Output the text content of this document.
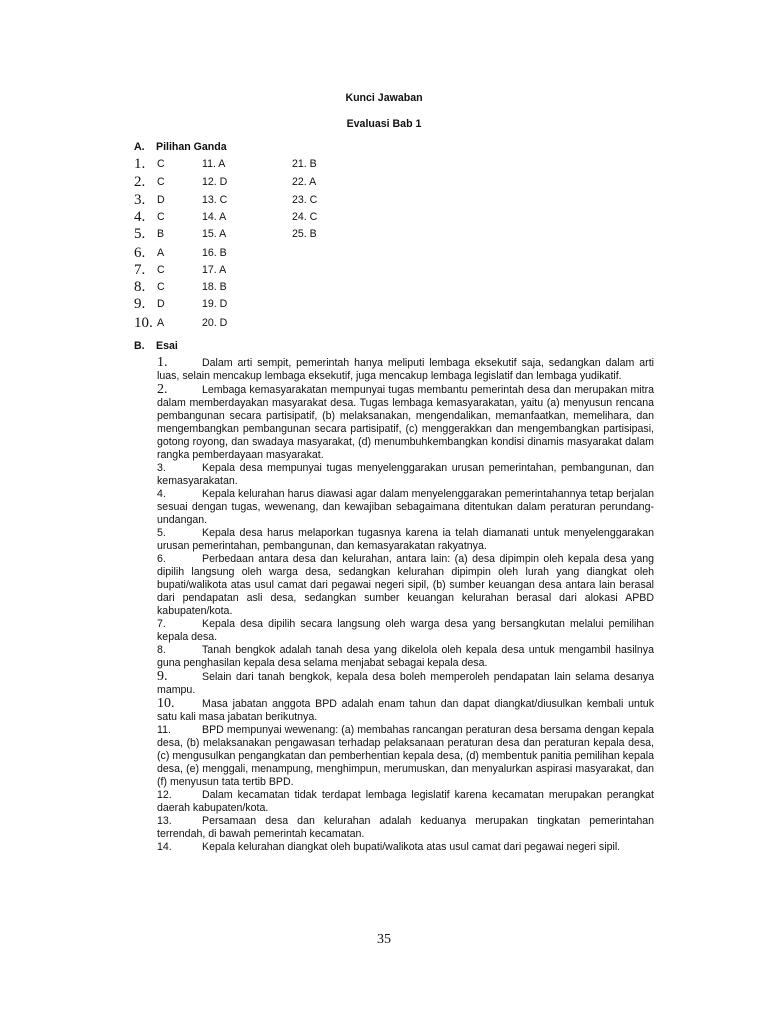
Kunci Jawaban
Evaluasi Bab 1
A. Pilihan Ganda
1. C	11. A	21. B
2. C	12. D	22. A
3. D	13. C	23. C
4. C	14. A	24. C
5. B	15. A	25. B
6. A	16. B
7. C	17. A
8. C	18. B
9. D	19. D
10. A	20. D
B. Esai

1.	Dalam arti sempit, pemerintah hanya meliputi lembaga eksekutif saja, sedangkan dalam arti luas, selain mencakup lembaga eksekutif, juga mencakup lembaga legislatif dan lembaga yudikatif.

2.	Lembaga kemasyarakatan mempunyai tugas membantu pemerintah desa dan merupakan mitra dalam memberdayakan masyarakat desa. Tugas lembaga kemasyarakatan, yaitu (a) menyusun rencana pembangunan secara partisipatif, (b) melaksanakan, mengendalikan, memanfaatkan, memelihara, dan mengembangkan pembangunan secara partisipatif, (c) menggerakkan dan mengembangkan partisipasi, gotong royong, dan swadaya masyarakat, (d) menumbuhkembangkan kondisi dinamis masyarakat dalam rangka pemberdayaan masyarakat.

3.	Kepala desa mempunyai tugas menyelenggarakan urusan pemerintahan, pembangunan, dan kemasyarakatan.

4.	Kepala kelurahan harus diawasi agar dalam menyelenggarakan pemerintahannya tetap berjalan sesuai dengan tugas, wewenang, dan kewajiban sebagaimana ditentukan dalam peraturan perundang-undangan.

5.	Kepala desa harus melaporkan tugasnya karena ia telah diamanati untuk menyelenggarakan urusan pemerintahan, pembangunan, dan kemasyarakatan rakyatnya.

6.	Perbedaan antara desa dan kelurahan, antara lain: (a) desa dipimpin oleh kepala desa yang dipilih langsung oleh warga desa, sedangkan kelurahan dipimpin oleh lurah yang diangkat oleh bupati/walikota atas usul camat dari pegawai negeri sipil, (b) sumber keuangan desa antara lain berasal dari pendapatan asli desa, sedangkan sumber keuangan kelurahan berasal dari alokasi APBD kabupaten/kota.

7.	Kepala desa dipilih secara langsung oleh warga desa yang bersangkutan melalui pemilihan kepala desa.

8.	Tanah bengkok adalah tanah desa yang dikelola oleh kepala desa untuk mengambil hasilnya guna penghasilan kepala desa selama menjabat sebagai kepala desa.

9.	Selain dari tanah bengkok, kepala desa boleh memperoleh pendapatan lain selama desanya mampu.

10.	Masa jabatan anggota BPD adalah enam tahun dan dapat diangkat/diusulkan kembali untuk satu kali masa jabatan berikutnya.

11.	BPD mempunyai wewenang: (a) membahas rancangan peraturan desa bersama dengan kepala desa, (b) melaksanakan pengawasan terhadap pelaksanaan peraturan desa dan peraturan kepala desa, (c) mengusulkan pengangkatan dan pemberhentian kepala desa, (d) membentuk panitia pemilihan kepala desa, (e) menggali, menampung, menghimpun, merumuskan, dan menyalurkan aspirasi masyarakat, dan (f) menyusun tata tertib BPD.

12.	Dalam kecamatan tidak terdapat lembaga legislatif karena kecamatan merupakan perangkat daerah kabupaten/kota.

13.	Persamaan desa dan kelurahan adalah keduanya merupakan tingkatan pemerintahan terrendah, di bawah pemerintah kecamatan.

14.	Kepala kelurahan diangkat oleh bupati/walikota atas usul camat dari pegawai negeri sipil.

35
